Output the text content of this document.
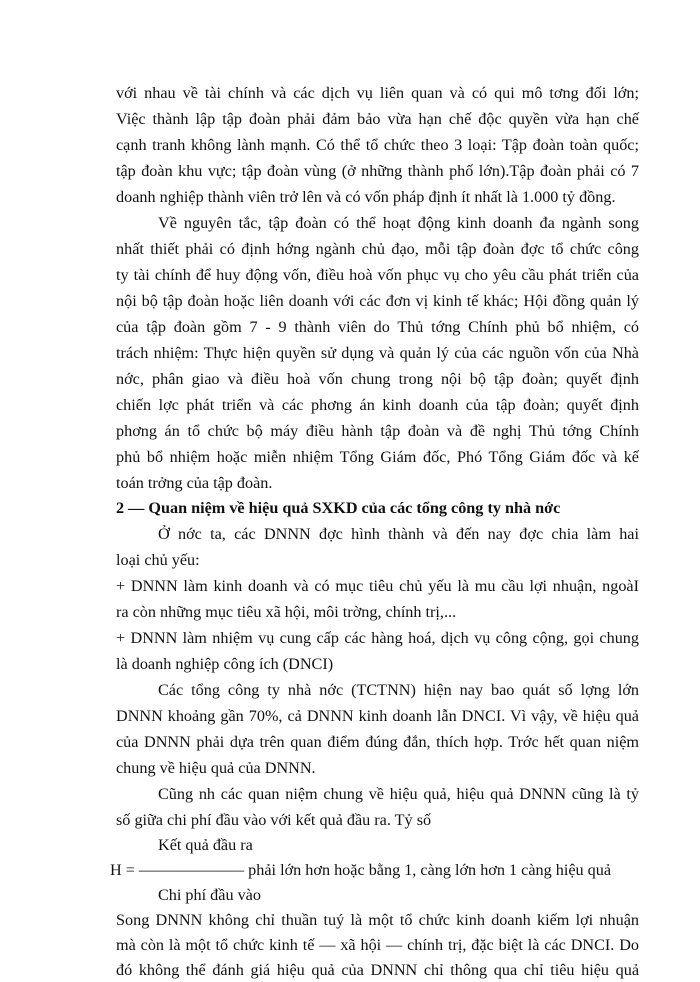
với nhau về tài chính và các dịch vụ liên quan và có qui mô tơng đối lớn;
Việc thành lập tập đoàn phải đảm bảo vừa hạn chế độc quyền vừa hạn chế
cạnh tranh không lành mạnh. Có thể tổ chức theo 3 loại: Tập đoàn toàn quốc;
tập đoàn khu vực; tập đoàn vùng (ở những thành phố lớn).Tập đoàn phải có 7
doanh nghiệp thành viên trở lên và có vốn pháp định ít nhất là 1.000 tỷ đồng.
Về nguyên tắc, tập đoàn có thể hoạt động kinh doanh đa ngành song
nhất thiết phải có định hớng ngành chủ đạo, mỗi tập đoàn đợc tổ chức công
ty tài chính để huy động vốn, điều hoà vốn phục vụ cho yêu cầu phát triển của
nội bộ tập đoàn hoặc liên doanh với các đơn vị kinh tế khác; Hội đồng quản lý
của tập đoàn gồm 7 - 9 thành viên do Thủ tớng Chính phủ bổ nhiệm, có
trách nhiệm: Thực hiện quyền sử dụng và quản lý của các nguồn vốn của Nhà
nớc, phân giao và điều hoà vốn chung trong nội bộ tập đoàn; quyết định
chiến lợc phát triển và các phơng án kinh doanh của tập đoàn; quyết định
phơng án tổ chức bộ máy điều hành tập đoàn và đề nghị Thủ tớng Chính
phủ bổ nhiệm hoặc miễn nhiệm Tổng Giám đốc, Phó Tổng Giám đốc và kế
toán trởng của tập đoàn.
2 — Quan niệm về hiệu quả SXKD của các tổng công ty nhà nớc
Ở nớc ta, các DNNN đợc hình thành và đến nay đợc chia làm hai
loại chủ yếu:
+ DNNN làm kinh doanh và có mục tiêu chủ yếu là mu cầu lợi nhuận, ngoàI
ra còn những mục tiêu xã hội, môi trờng, chính trị,...
+ DNNN làm nhiệm vụ cung cấp các hàng hoá, dịch vụ công cộng, gọi chung
là doanh nghiệp công ích (DNCI)
Các tổng công ty nhà nớc (TCTNN) hiện nay bao quát số lợng lớn
DNNN khoảng gần 70%, cả DNNN kinh doanh lẫn DNCI. Vì vậy, về hiệu quả
của DNNN phải dựa trên quan điểm đúng đắn, thích hợp. Trớc hết quan niệm
chung về hiệu quả của DNNN.
Cũng nh các quan niệm chung về hiệu quả, hiệu quả DNNN cũng là tỷ
số giữa chi phí đầu vào với kết quả đầu ra. Tỷ số
Kết quả đầu ra
H = ––––––––––––– phải lớn hơn hoặc bằng 1, càng lớn hơn 1 càng hiệu quả
Chi phí đầu vào
Song DNNN không chỉ thuần tuý là một tổ chức kinh doanh kiếm lợi nhuận
mà còn là một tổ chức kinh tế — xã hội — chính trị, đặc biệt là các DNCI. Do
đó không thể đánh giá hiệu quả của DNNN chỉ thông qua chỉ tiêu hiệu quả
